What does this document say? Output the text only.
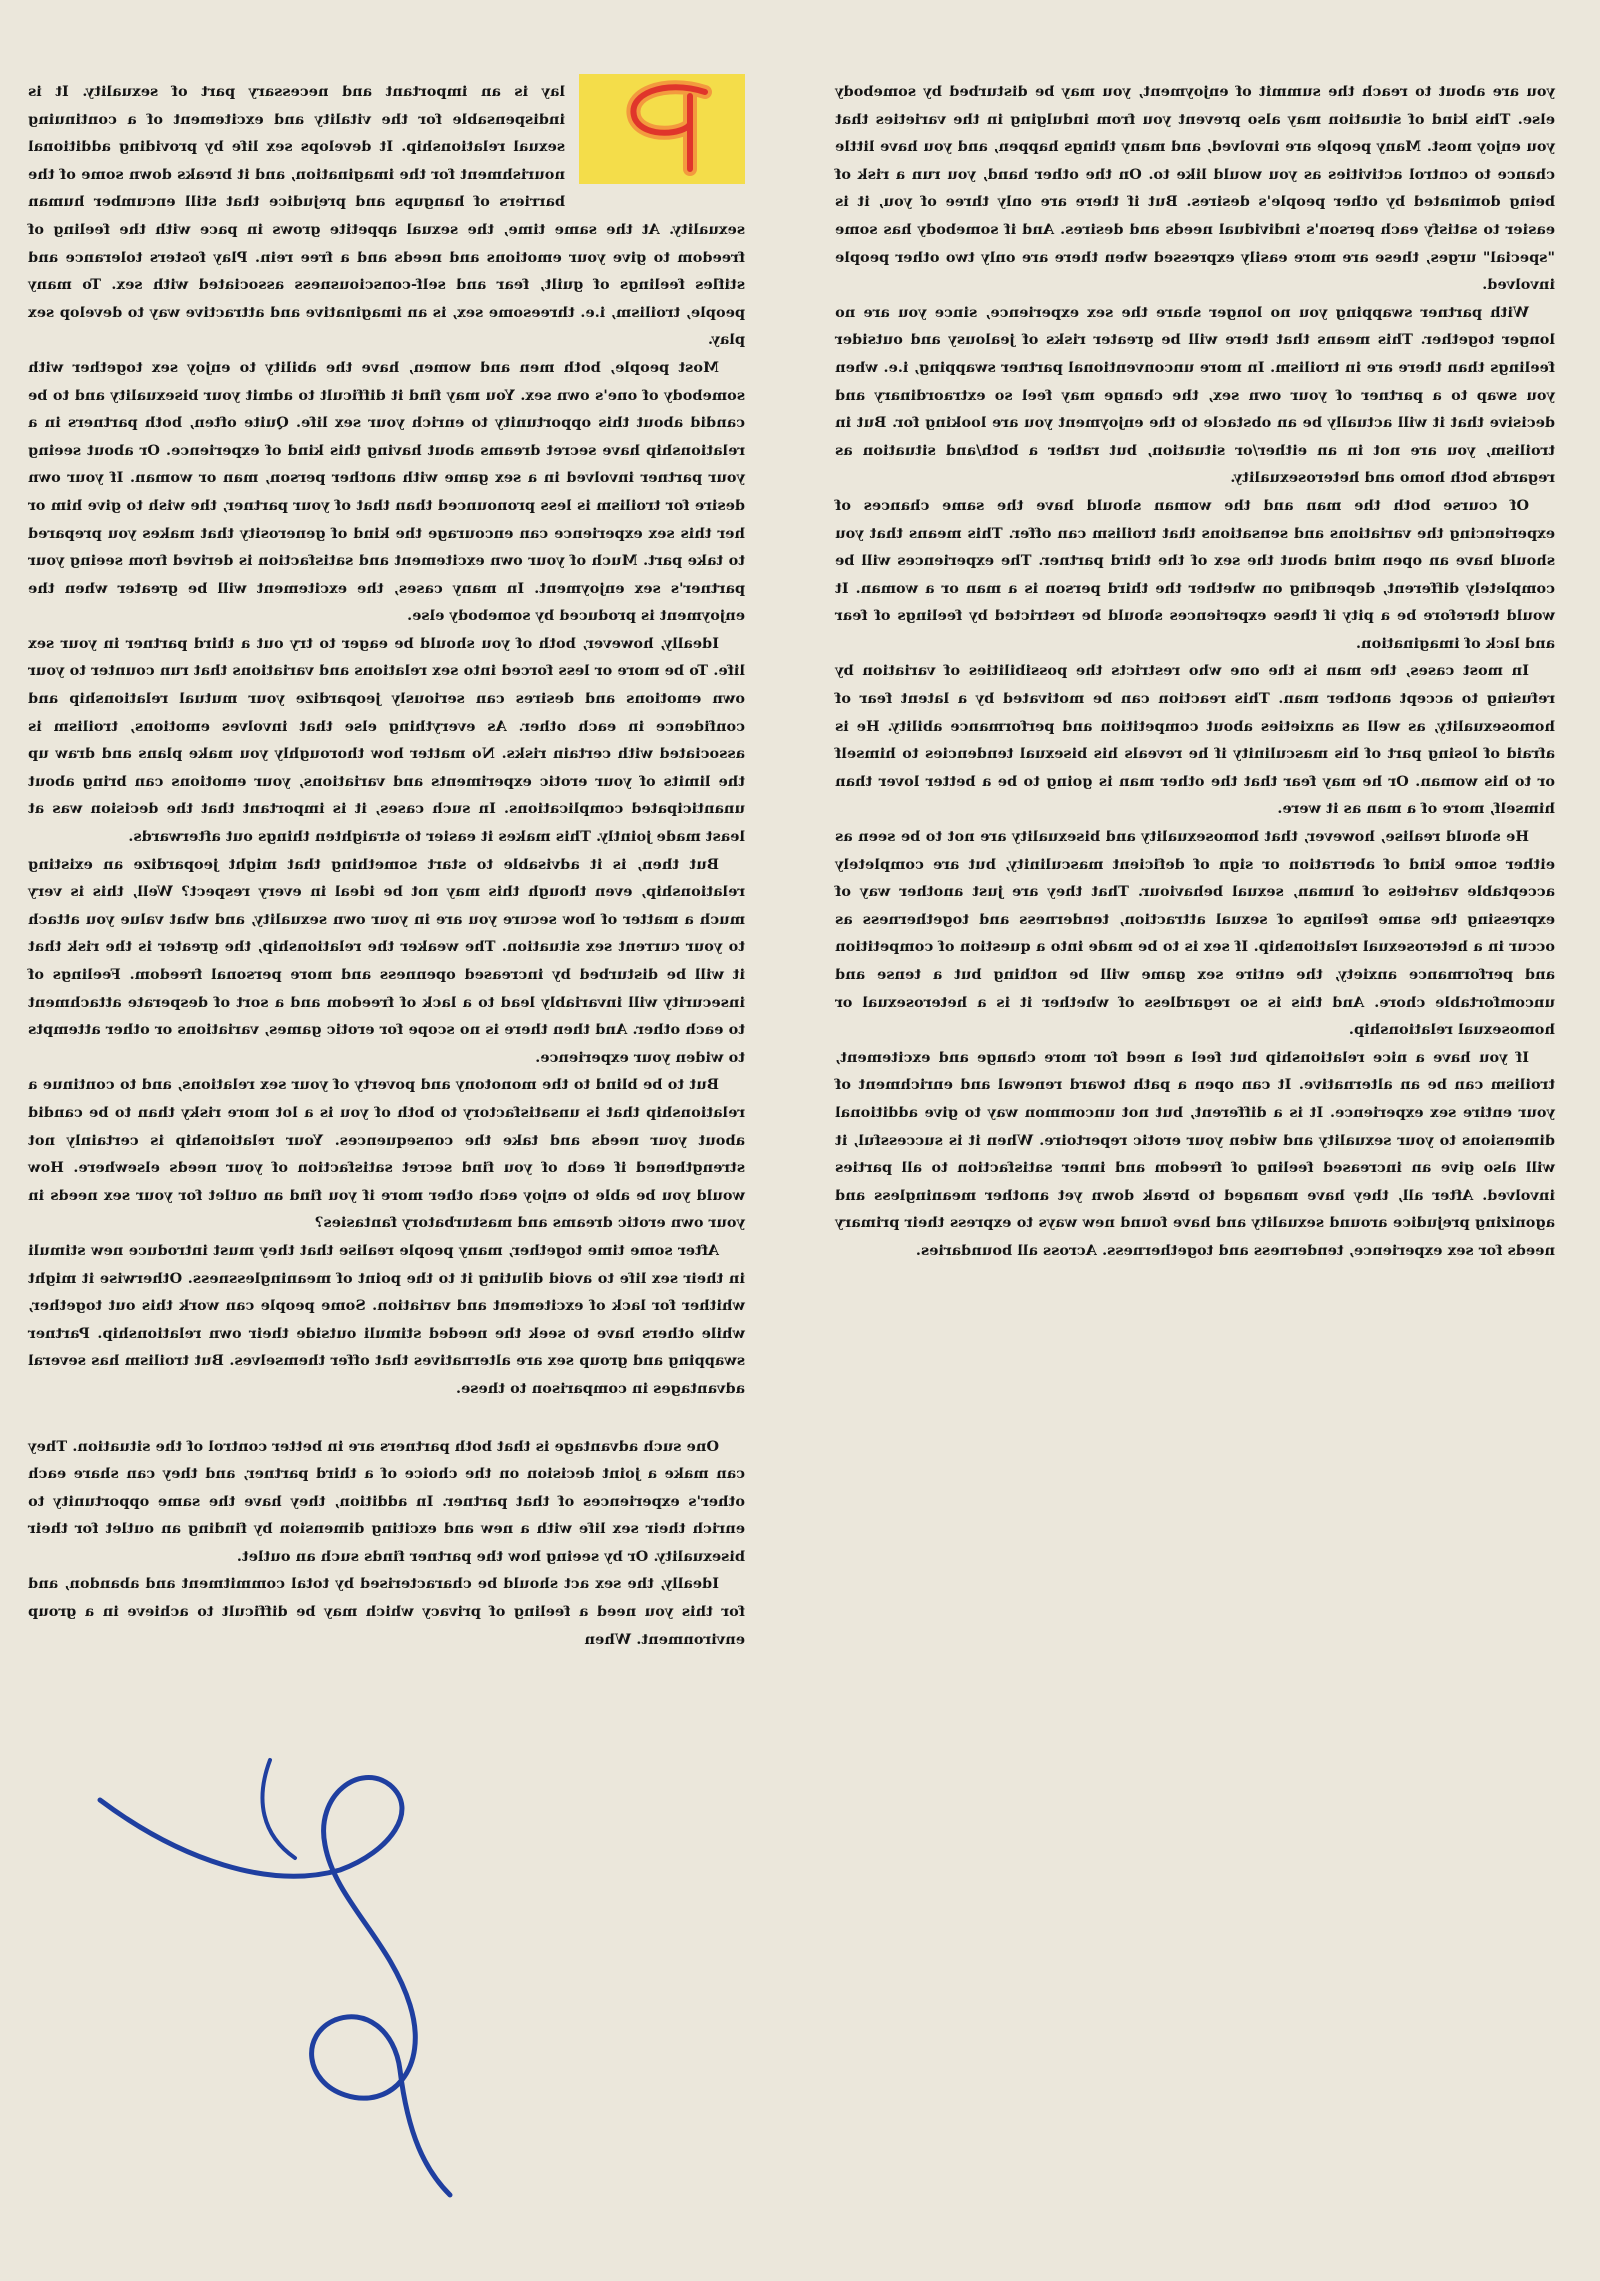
lay is an important and necessary part of sexuality. It is indispensable for the vitality and excitement of a continuing sexual relationship. It develops sex life by providing additional nourishment for the imagination, and it breaks down some of the barriers of hangups and prejudice that still encumber human sexuality. At the same time, the sexual appetite grows in pace with the feeling of freedom to give your emotions and needs and a free rein. Play fosters tolerance and stifles feelings of guilt, fear and self-consciousness associated with sex. To many people, troilism, i.e. threesome sex, is an imaginative and attractive way to develop sex play.

Most people, both men and women, have the ability to enjoy sex together with somebody of one's own sex. You may find it difficult to admit your bisexuality and to be candid about this opportunity to enrich your sex life. Quite often, both partners in a relationship have secret dreams about having this kind of experience. Or about seeing your partner involved in a sex game with another person, man or woman. If your own desire for troilism is less pronounced than that of your partner, the wish to give him or her this sex experience can encourage the kind of generosity that makes you prepared to take part. Much of your own excitement and satisfaction is derived from seeing your partner's sex enjoyment. In many cases, the excitement will be greater when the enjoyment is produced by somebody else.

Ideally, however, both of you should be eager to try out a third partner in your sex life. To be more or less forced into sex relations and variations that run counter to your own emotions and desires can seriously jeopardize your mutual relationship and confidence in each other. As everything else that involves emotions, troilism is associated with certain risks. No matter how thoroughly you make plans and draw up the limits of your erotic experiments and variations, your emotions can bring about unanticipated complications. In such cases, it is important that the decision was at least made jointly. This makes it easier to straighten things out afterwards.

But then, is it advisable to start something that might jeopardize an existing relationship, even though this may not be ideal in every respect? Well, this is very much a matter of how secure you are in your own sexuality, and what value you attach to your current sex situation. The weaker the relationship, the greater is the risk that it will be disturbed by increased openness and more personal freedom. Feelings of insecurity will invariably lead to a lack of freedom and a sort of desperate attachment to each other. And then there is no scope for erotic games, variations or other attempts to widen your experience.

But to be blind to the monotony and poverty of your sex relations, and to continue a relationship that is unsatisfactory to both of you is a lot more risky than to be candid about your needs and take the consequences. Your relationship is certainly not strengthened if each of you find secret satisfaction of your needs elsewhere. How would you be able to enjoy each other more if you find an outlet for your sex needs in your own erotic dreams and masturbatory fantasies?

After some time together, many people realise that they must introduce new stimuli in their sex life to avoid diluting it to the point of meaninglessness. Otherwise it might whither for lack of excitement and variation. Some people can work this out together, while others have to seek the needed stimuli outside their own relationship. Partner swapping and group sex are alternatives that offer themselves. But troilism has several advantages in comparison to these.

One such advantage is that both partners are in better control of the situation. They can make a joint decision on the choice of a third partner, and they can share each other's experiences of that partner. In addition, they have the same opportunity to enrich their sex life with a new and exciting dimension by finding an outlet for their bisexuality. Or by seeing how the partner finds such an outlet.

Ideally, the sex act should be characterised by total commitment and abandon, and for this you need a feeling of privacy which may be difficult to achieve in a group environment. When

you are about to reach the summit of enjoyment, you may be disturbed by somebody else. This kind of situation may also prevent you from indulging in the varieties that you enjoy most. Many people are involved, and many things happen, and you have little chance to control activities as you would like to. On the other hand, you run a risk of being dominated by other people's desires. But if there are only three of you, it is easier to satisfy each person's individual needs and desires. And if somebody has some "special" urges, these are more easily expressed when there are only two other people involved.

With partner swapping you no longer share the sex experience, since you are no longer together. This means that there will be greater risks of jealousy and outsider feelings than there are in troilism. In more unconventional partner swapping, i.e. when you swap to a partner of your own sex, the change may feel so extraordinary and decisive that it will actually be an obstacle to the enjoyment you are looking for. But in troilism, you are not in an either/or situation, but rather a both/and situation as regards both homo and heterosexuality.

Of course both the man and the woman should have the same chances of experiencing the variations and sensations that troilism can offer. This means that you should have an open mind about the sex of the third partner. The experiences will be completely different, depending on whether the third person is a man or a woman. It would therefore be a pity if these experiences should be restricted by feelings of fear and lack of imagination.

In most cases, the man is the one who restricts the possibilities of variation by refusing to accept another man. This reaction can be motivated by a latent fear of homosexuality, as well as anxieties about competition and performance ability. He is afraid of losing part of his masculinity if he reveals his bisexual tendencies to himself or to his woman. Or he may fear that the other man is going to be a better lover than himself, more of a man as it were.

He should realise, however, that homosexuality and bisexuality are not to be seen as either some kind of aberration or sign of deficient masculinity, but are completely acceptable varieties of human, sexual behaviour. That they are just another way of expressing the same feelings of sexual attraction, tenderness and togetherness as occur in a heterosexual relationship. If sex is to be made into a question of competition and performance anxiety, the entire sex game will be nothing but a tense and uncomfortable chore. And this is so regardless of whether it is a heterosexual or homosexual relationship.

If you have a nice relationship but feel a need for more change and excitement, troilism can be an alternative. It can open a path toward renewal and enrichment of your entire sex experience. It is a different, but not uncommon way to give additional dimensions to your sexuality and widen your erotic repertoire. When it is successful, it will also give an increased feeling of freedom and inner satisfaction to all parties involved. After all, they have managed to break down yet another meaningless and agonizing prejudice around sexuality and have found new ways to express their primary needs for sex experience, tenderness and togetherness. Across all boundaries.
